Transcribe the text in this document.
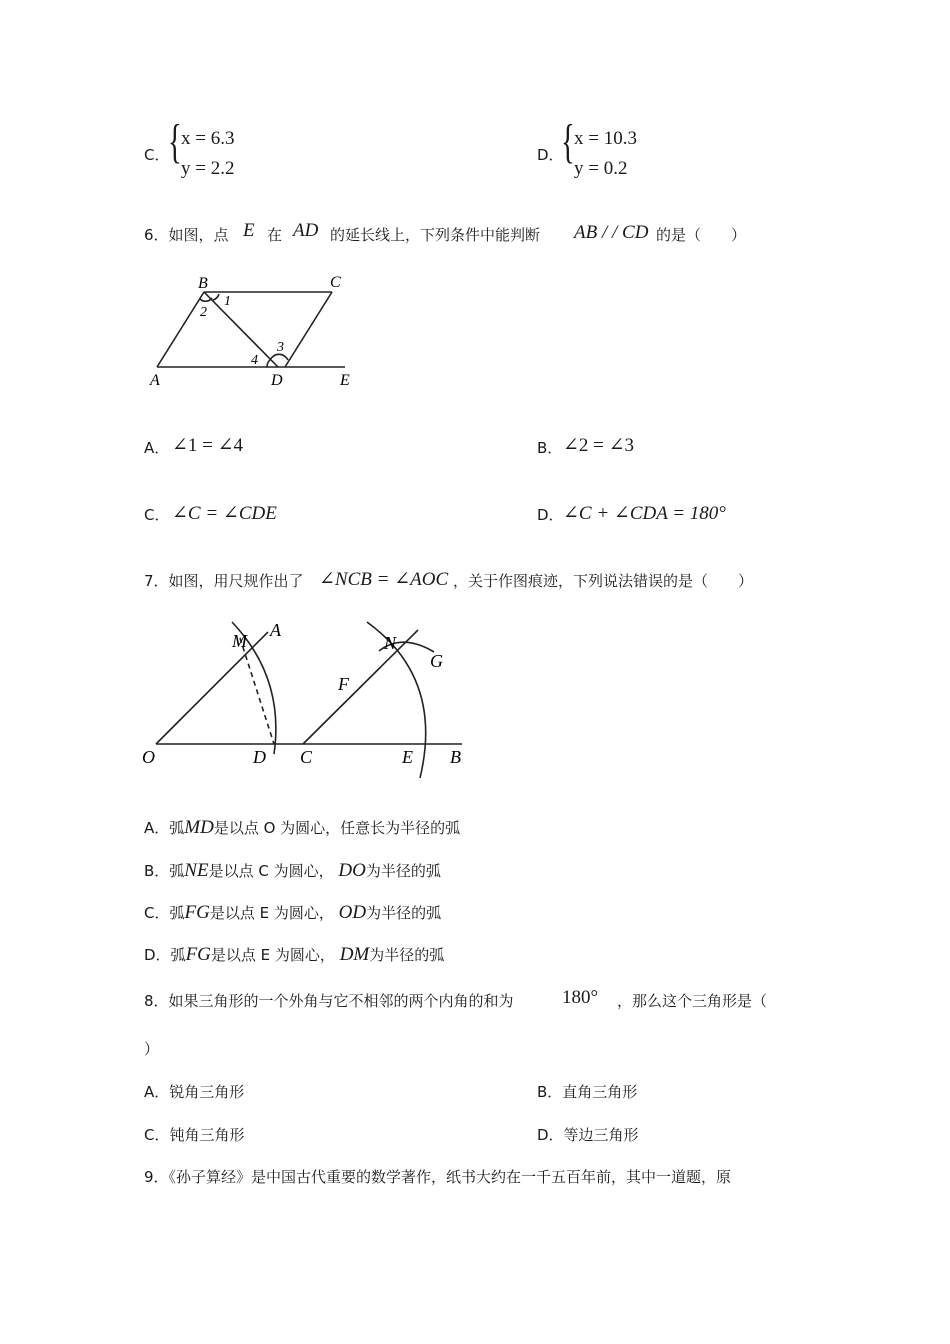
C．
{ x = 6.3
y = 2.2
D．
{ x = 10.3
y = 0.2
6．如图，点 E 在 AD 的延长线上，下列条件中能判断 AB / / CD 的是（　　）
B	C
1
2
3
4
A	D	E
A． ∠1 = ∠4	B． ∠2 = ∠3
C． ∠C = ∠CDE	D． ∠C + ∠CDA = 180°
7．如图，用尺规作出了 ∠NCB = ∠AOC ，关于作图痕迹，下列说法错误的是（　　）
M
A
N
G
F
O	D C	E B
A．弧MD是以点 O 为圆心，任意长为半径的弧
B．弧NE是以点 C 为圆心， DO为半径的弧
C．弧FG是以点 E 为圆心， OD为半径的弧
D．弧FG是以点 E 为圆心， DM为半径的弧
8．如果三角形的一个外角与它不相邻的两个内角的和为	180° ，那么这个三角形是（
）
A．锐角三角形	B．直角三角形
C．钝角三角形	D．等边三角形
9．《孙子算经》是中国古代重要的数学著作，纸书大约在一千五百年前，其中一道题，原
